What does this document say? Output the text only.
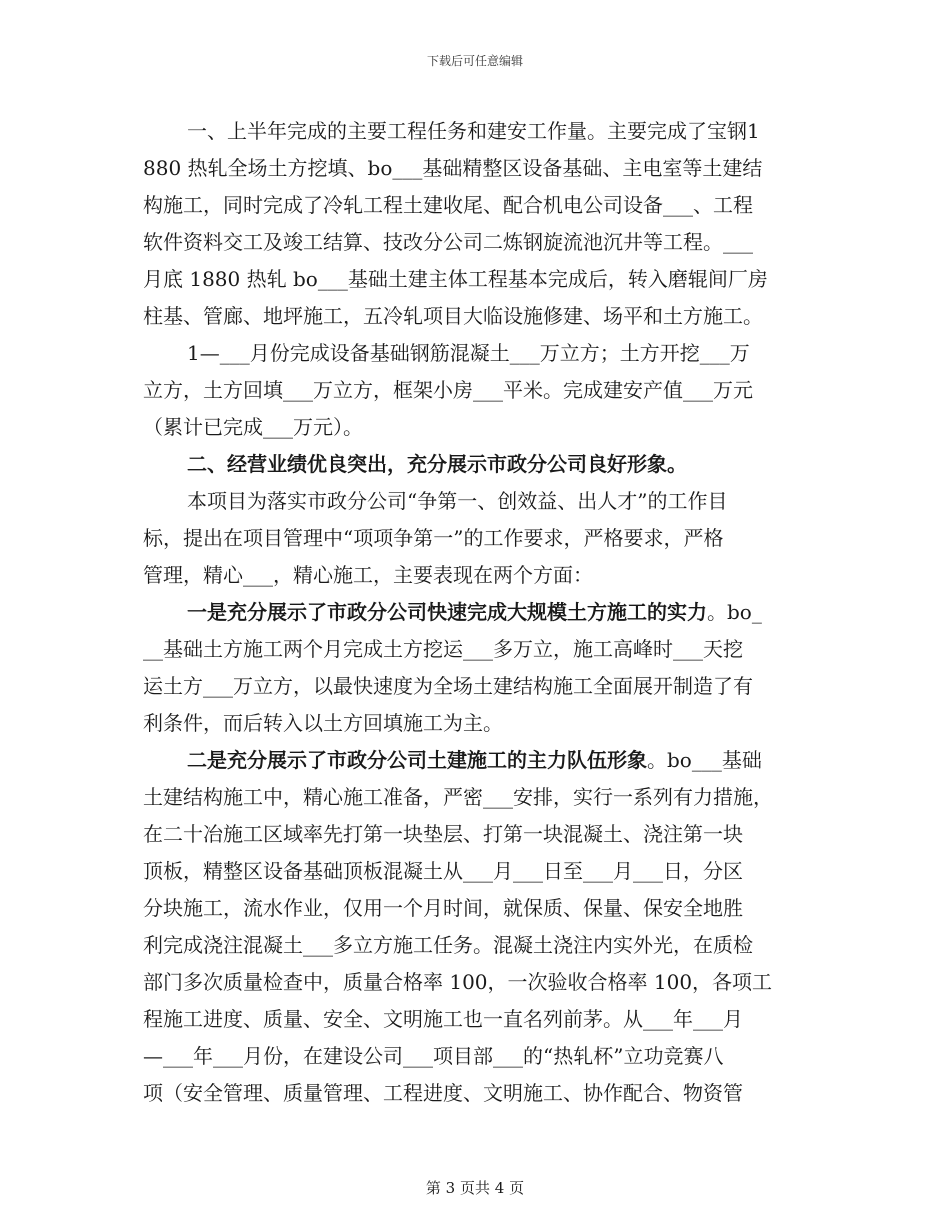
下载后可任意编辑
一、上半年完成的主要工程任务和建安工作量。主要完成了宝钢1
880 热轧全场土方挖填、bo___基础精整区设备基础、主电室等土建结
构施工，同时完成了冷轧工程土建收尾、配合机电公司设备___、工程
软件资料交工及竣工结算、技改分公司二炼钢旋流池沉井等工程。___
月底 1880 热轧 bo___基础土建主体工程基本完成后，转入磨辊间厂房
柱基、管廊、地坪施工，五冷轧项目大临设施修建、场平和土方施工。
1—___月份完成设备基础钢筋混凝土___万立方；土方开挖___万
立方，土方回填___万立方，框架小房___平米。完成建安产值___万元
（累计已完成___万元）。
二、经营业绩优良突出，充分展示市政分公司良好形象。
本项目为落实市政分公司“争第一、创效益、出人才”的工作目
标，提出在项目管理中“项项争第一”的工作要求，严格要求，严格
管理，精心___，精心施工，主要表现在两个方面：
一是充分展示了市政分公司快速完成大规模土方施工的实力。bo_
__基础土方施工两个月完成土方挖运___多万立，施工高峰时___天挖
运土方___万立方，以最快速度为全场土建结构施工全面展开制造了有
利条件，而后转入以土方回填施工为主。
二是充分展示了市政分公司土建施工的主力队伍形象。bo___基础
土建结构施工中，精心施工准备，严密___安排，实行一系列有力措施，
在二十冶施工区域率先打第一块垫层、打第一块混凝土、浇注第一块
顶板，精整区设备基础顶板混凝土从___月___日至___月___日，分区
分块施工，流水作业，仅用一个月时间，就保质、保量、保安全地胜
利完成浇注混凝土___多立方施工任务。混凝土浇注内实外光，在质检
部门多次质量检查中，质量合格率 100，一次验收合格率 100，各项工
程施工进度、质量、安全、文明施工也一直名列前茅。从___年___月
—___年___月份，在建设公司___项目部___的“热轧杯”立功竞赛八
项（安全管理、质量管理、工程进度、文明施工、协作配合、物资管
第 3 页共 4 页
